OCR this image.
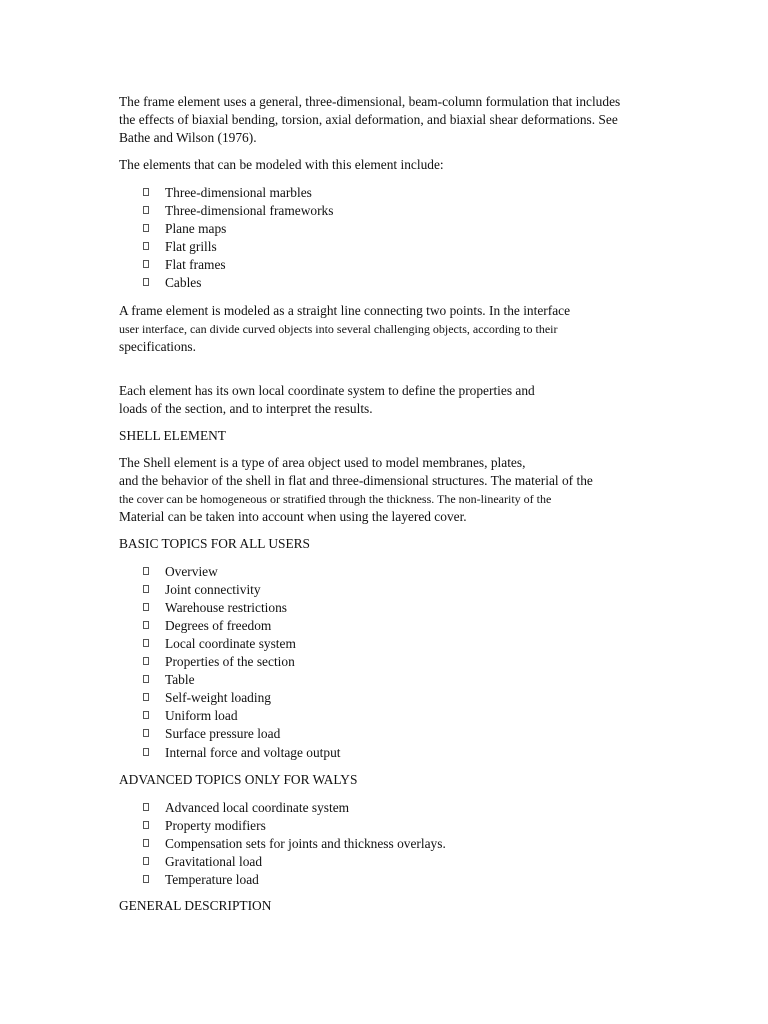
The frame element uses a general, three-dimensional, beam-column formulation that includes
the effects of biaxial bending, torsion, axial deformation, and biaxial shear deformations. See
Bathe and Wilson (1976).

The elements that can be modeled with this element include:

Three-dimensional marbles
Three-dimensional frameworks
Plane maps
Flat grills
Flat frames
Cables

A frame element is modeled as a straight line connecting two points. In the interface
user interface, can divide curved objects into several challenging objects, according to their
specifications.

Each element has its own local coordinate system to define the properties and
loads of the section, and to interpret the results.

SHELL ELEMENT

The Shell element is a type of area object used to model membranes, plates,
and the behavior of the shell in flat and three-dimensional structures. The material of the
the cover can be homogeneous or stratified through the thickness. The non-linearity of the
Material can be taken into account when using the layered cover.

BASIC TOPICS FOR ALL USERS

Overview
Joint connectivity
Warehouse restrictions
Degrees of freedom
Local coordinate system
Properties of the section
Table
Self-weight loading
Uniform load
Surface pressure load
Internal force and voltage output

ADVANCED TOPICS ONLY FOR WALYS

Advanced local coordinate system
Property modifiers
Compensation sets for joints and thickness overlays.
Gravitational load
Temperature load

GENERAL DESCRIPTION
